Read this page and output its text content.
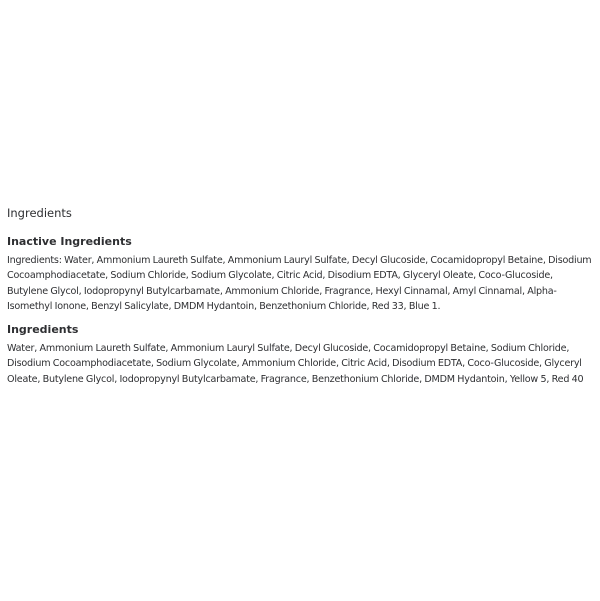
Ingredients
Inactive Ingredients
Ingredients: Water, Ammonium Laureth Sulfate, Ammonium Lauryl Sulfate, Decyl Glucoside, Cocamidopropyl Betaine, Disodium Cocoamphodiacetate, Sodium Chloride, Sodium Glycolate, Citric Acid, Disodium EDTA, Glyceryl Oleate, Coco-Glucoside, Butylene Glycol, Iodopropynyl Butylcarbamate, Ammonium Chloride, Fragrance, Hexyl Cinnamal, Amyl Cinnamal, Alpha-Isomethyl Ionone, Benzyl Salicylate, DMDM Hydantoin, Benzethonium Chloride, Red 33, Blue 1.
Ingredients
Water, Ammonium Laureth Sulfate, Ammonium Lauryl Sulfate, Decyl Glucoside, Cocamidopropyl Betaine, Sodium Chloride, Disodium Cocoamphodiacetate, Sodium Glycolate, Ammonium Chloride, Citric Acid, Disodium EDTA, Coco-Glucoside, Glyceryl Oleate, Butylene Glycol, Iodopropynyl Butylcarbamate, Fragrance, Benzethonium Chloride, DMDM Hydantoin, Yellow 5, Red 40
